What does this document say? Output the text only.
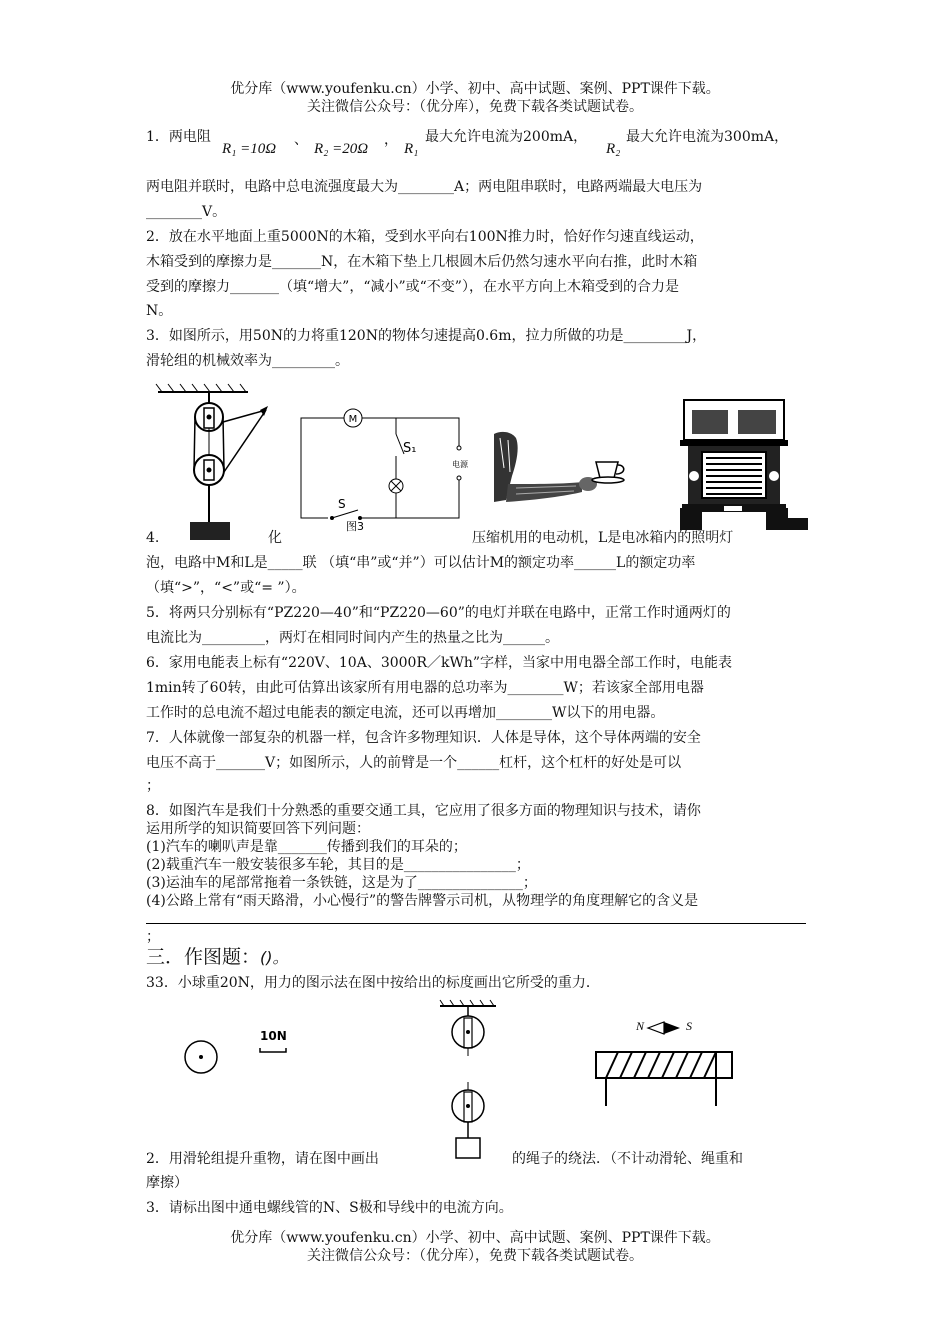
优分库（www.youfenku.cn）小学、初中、高中试题、案例、PPT课件下载。
关注微信公众号：（优分库），免费下载各类试题试卷。
1．两电阻
R₁ =10Ω
、
R₂ =20Ω
，
R₁
最大允许电流为200mA，
R₂
最大允许电流为300mA，
两电阻并联时，电路中总电流强度最大为________A；两电阻串联时，电路两端最大电压为
________V。
2．放在水平地面上重5000N的木箱，受到水平向右100N推力时，恰好作匀速直线运动，
木箱受到的摩擦力是_______N，在木箱下垫上几根圆木后仍然匀速水平向右推，此时木箱
受到的摩擦力_______（填“增大”，“减小”或“不变”），在水平方向上木箱受到的合力是
N。
3．如图所示，用50N的力将重120N的物体匀速提高0.6m，拉力所做的功是_________J，
滑轮组的机械效率为_________。
M
S₁
电源
S
图3
4.	化	压缩机用的电动机，L是电冰箱内的照明灯
泡，电路中M和L是_____联 （填“串”或“并”）可以估计M的额定功率______L的额定功率
（填“>”，“<”或“= ”）。
5．将两只分别标有“PZ220—40”和“PZ220—60”的电灯并联在电路中，正常工作时通两灯的
电流比为_________，两灯在相同时间内产生的热量之比为______。
6．家用电能表上标有“220V、10A、3000R／kWh”字样，当家中用电器全部工作时，电能表
1min转了60转，由此可估算出该家所有用电器的总功率为________W；若该家全部用电器
工作时的总电流不超过电能表的额定电流，还可以再增加________W以下的用电器。
7．人体就像一部复杂的机器一样，包含许多物理知识．人体是导体，这个导体两端的安全
电压不高于_______V；如图所示，人的前臂是一个______杠杆，这个杠杆的好处是可以
；
8．如图汽车是我们十分熟悉的重要交通工具，它应用了很多方面的物理知识与技术，请你
运用所学的知识简要回答下列问题：
(1)汽车的喇叭声是靠_______传播到我们的耳朵的；
(2)载重汽车一般安装很多车轮，其目的是________________；
(3)运油车的尾部常拖着一条铁链，这是为了_______________；
(4)公路上常有“雨天路滑，小心慢行”的警告牌警示司机，从物理学的角度理解它的含义是
；
三．作图题：()。
33．小球重20N，用力的图示法在图中按给出的标度画出它所受的重力．
10N
N	S
2．用滑轮组提升重物，请在图中画出	的绳子的绕法．（不计动滑轮、绳重和
摩擦）
3．请标出图中通电螺线管的N、S极和导线中的电流方向。
优分库（www.youfenku.cn）小学、初中、高中试题、案例、PPT课件下载。
关注微信公众号：（优分库），免费下载各类试题试卷。
